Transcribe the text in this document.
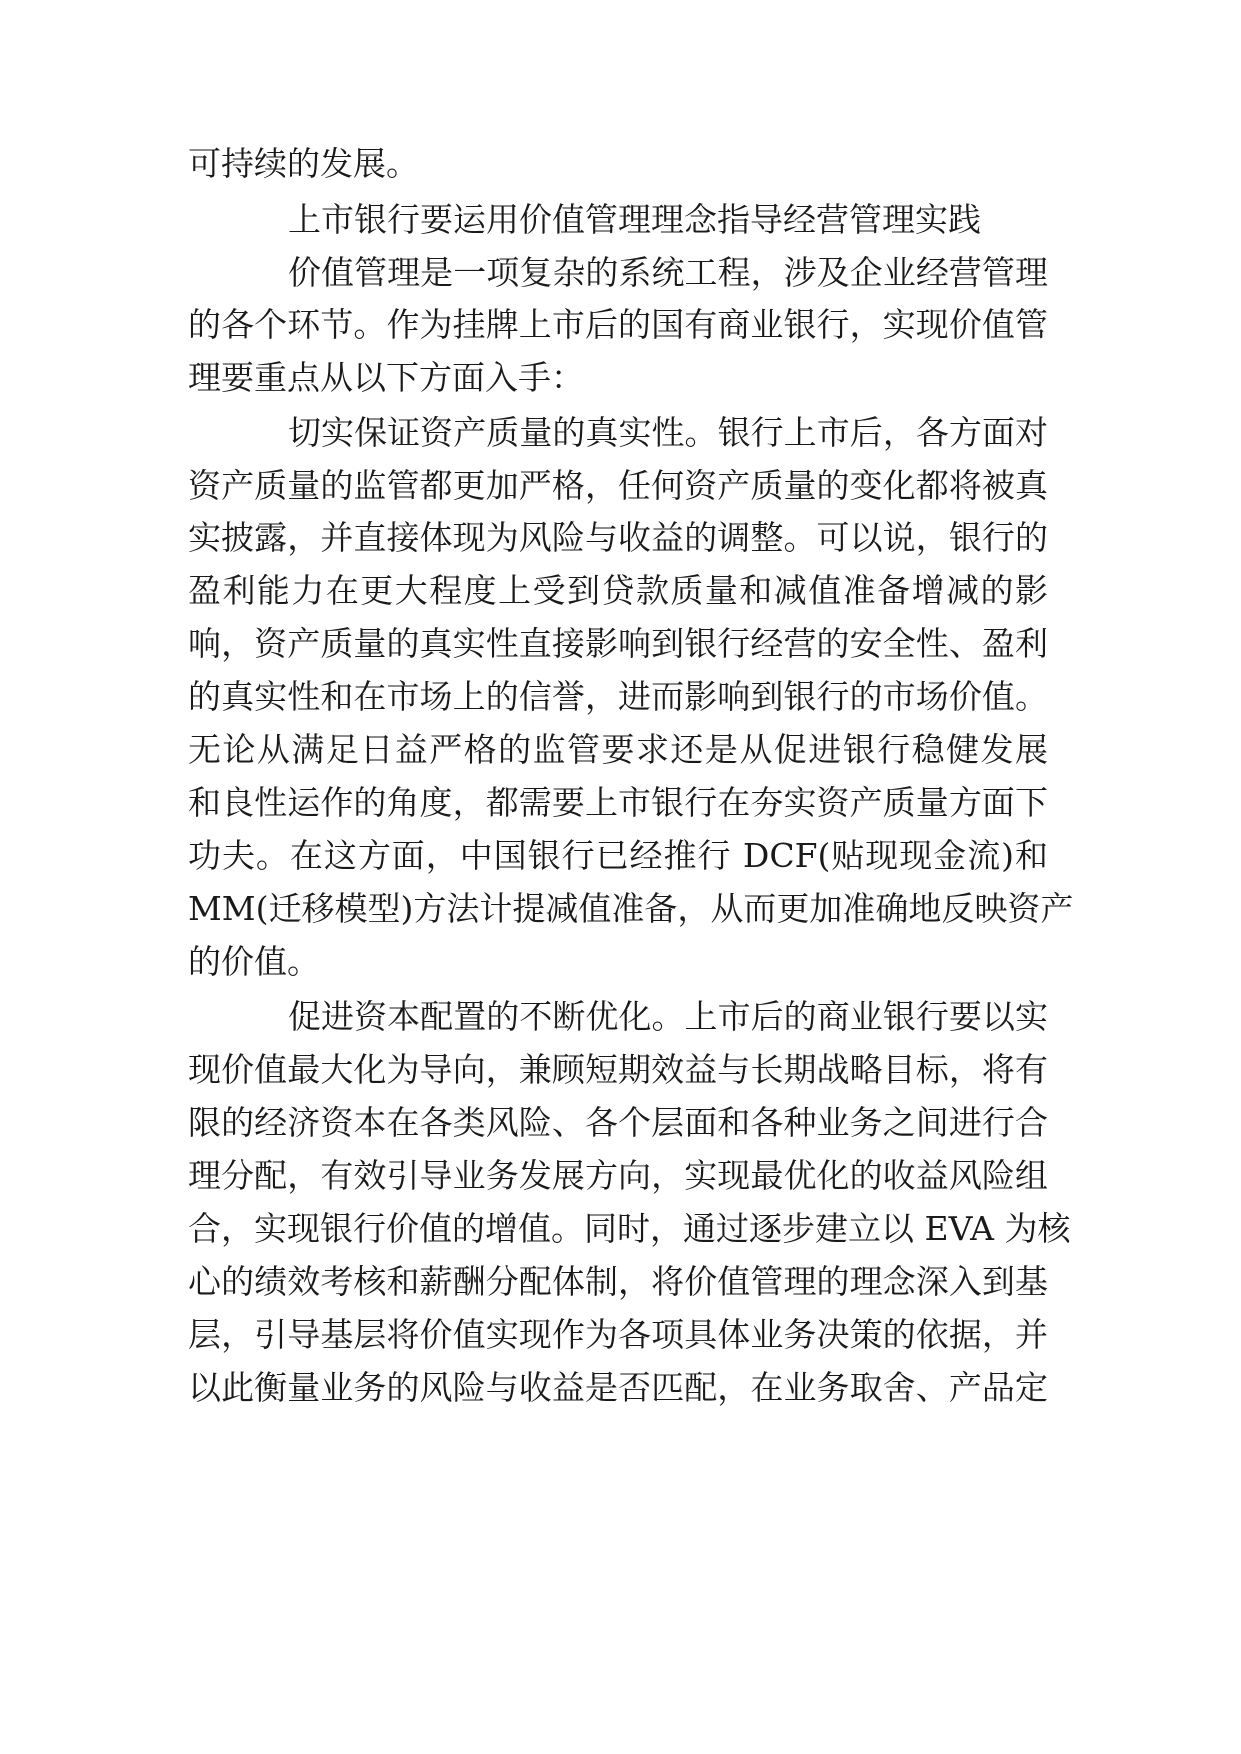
可持续的发展。
上市银行要运用价值管理理念指导经营管理实践
价值管理是一项复杂的系统工程，涉及企业经营管理
的各个环节。作为挂牌上市后的国有商业银行，实现价值管
理要重点从以下方面入手：
切实保证资产质量的真实性。银行上市后，各方面对
资产质量的监管都更加严格，任何资产质量的变化都将被真
实披露，并直接体现为风险与收益的调整。可以说，银行的
盈利能力在更大程度上受到贷款质量和减值准备增减的影
响，资产质量的真实性直接影响到银行经营的安全性、盈利
的真实性和在市场上的信誉，进而影响到银行的市场价值。
无论从满足日益严格的监管要求还是从促进银行稳健发展
和良性运作的角度，都需要上市银行在夯实资产质量方面下
功夫。在这方面，中国银行已经推行 DCF(贴现现金流)和
MM(迁移模型)方法计提减值准备，从而更加准确地反映资产
的价值。
促进资本配置的不断优化。上市后的商业银行要以实
现价值最大化为导向，兼顾短期效益与长期战略目标，将有
限的经济资本在各类风险、各个层面和各种业务之间进行合
理分配，有效引导业务发展方向，实现最优化的收益风险组
合，实现银行价值的增值。同时，通过逐步建立以 EVA 为核
心的绩效考核和薪酬分配体制，将价值管理的理念深入到基
层，引导基层将价值实现作为各项具体业务决策的依据，并
以此衡量业务的风险与收益是否匹配，在业务取舍、产品定
